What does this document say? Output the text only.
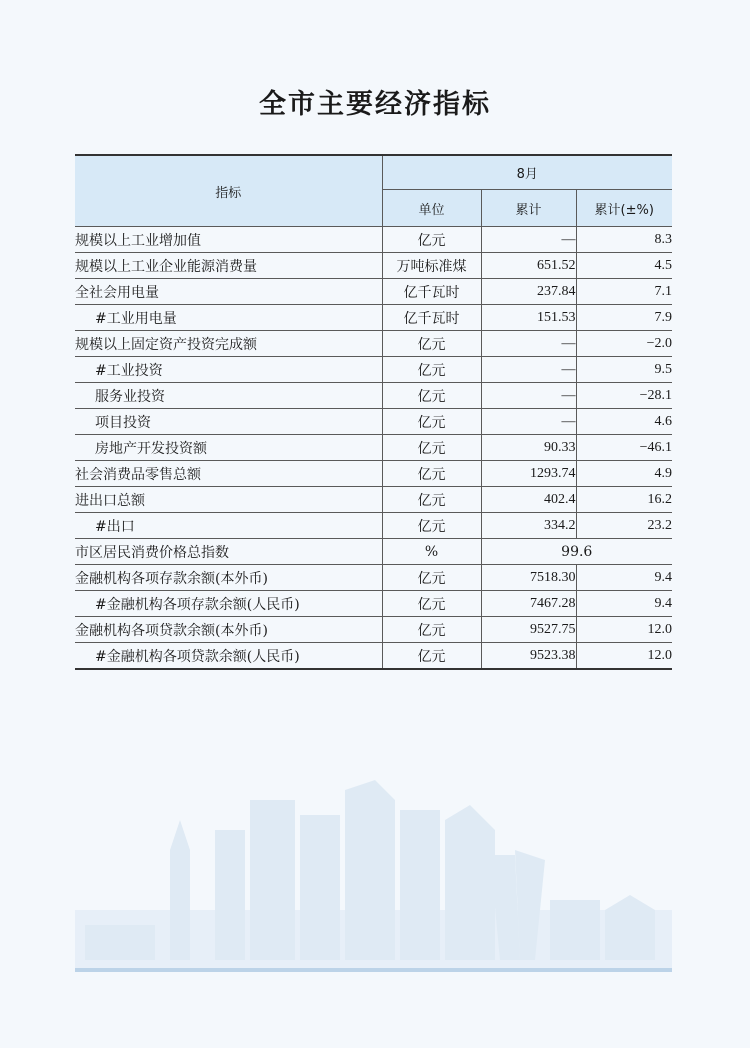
全市主要经济指标
指标	8月		
	单位	累计	累计(±%)
规模以上工业增加值	亿元	—	8.3
规模以上工业企业能源消费量	万吨标准煤	651.52	4.5
全社会用电量	亿千瓦时	237.84	7.1
#工业用电量	亿千瓦时	151.53	7.9
规模以上固定资产投资完成额	亿元	—	−2.0
#工业投资	亿元	—	9.5
服务业投资	亿元	—	−28.1
项目投资	亿元	—	4.6
房地产开发投资额	亿元	90.33	−46.1
社会消费品零售总额	亿元	1293.74	4.9
进出口总额	亿元	402.4	16.2
#出口	亿元	334.2	23.2
市区居民消费价格总指数	%	99.6	
金融机构各项存款余额(本外币)	亿元	7518.30	9.4
#金融机构各项存款余额(人民币)	亿元	7467.28	9.4
金融机构各项贷款余额(本外币)	亿元	9527.75	12.0
#金融机构各项贷款余额(人民币)	亿元	9523.38	12.0
